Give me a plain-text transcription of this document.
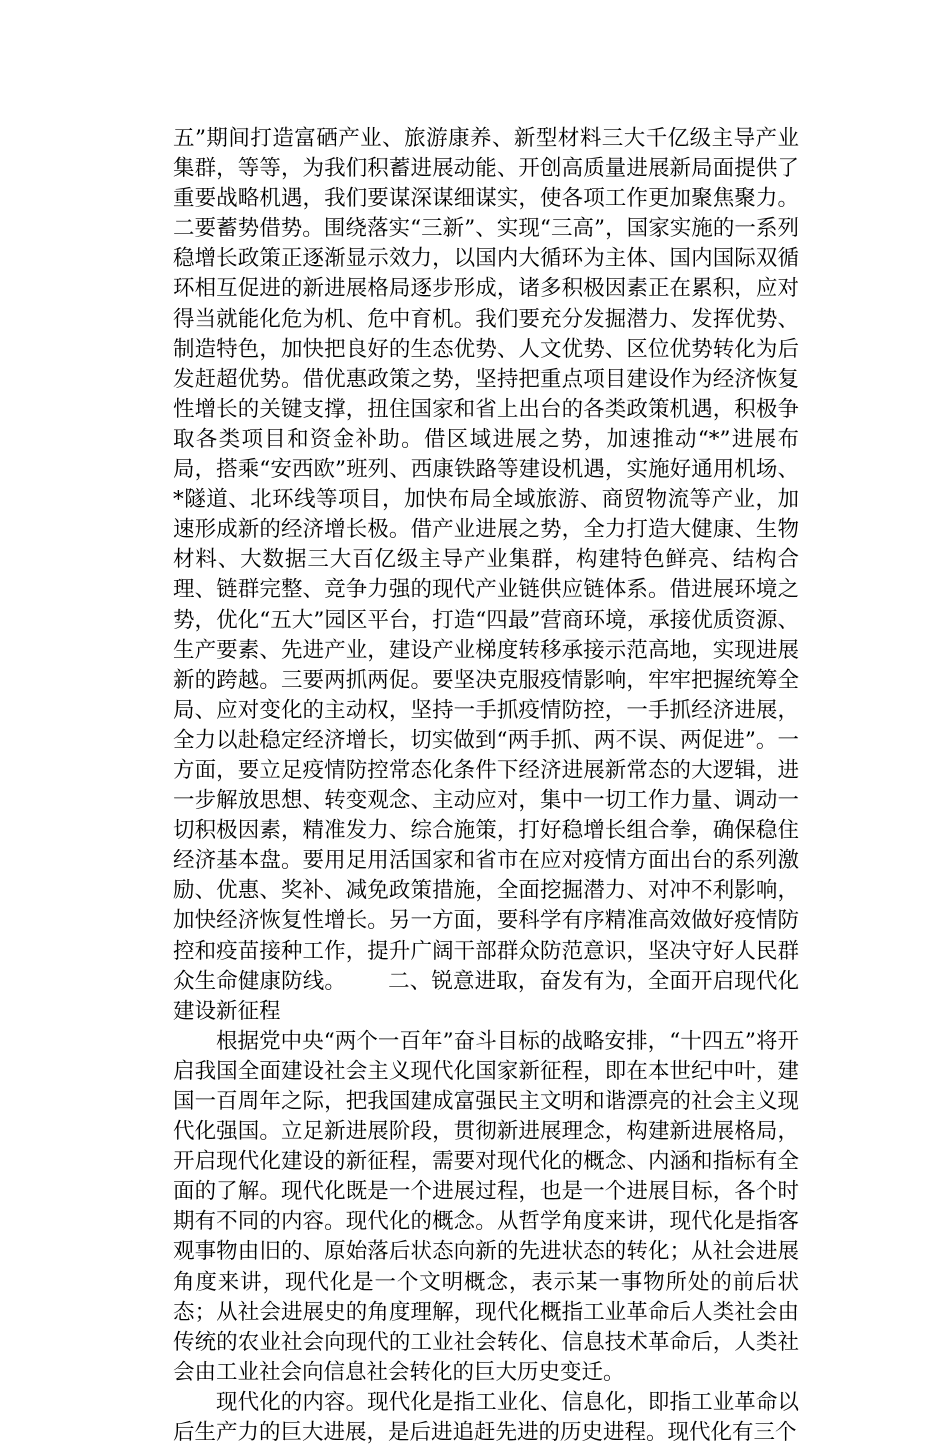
五”期间打造富硒产业、旅游康养、新型材料三大千亿级主导产业集群，等等，为我们积蓄进展动能、开创高质量进展新局面提供了重要战略机遇，我们要谋深谋细谋实，使各项工作更加聚焦聚力。二要蓄势借势。围绕落实“三新”、实现“三高”，国家实施的一系列稳增长政策正逐渐显示效力，以国内大循环为主体、国内国际双循环相互促进的新进展格局逐步形成，诸多积极因素正在累积，应对得当就能化危为机、危中育机。我们要充分发掘潜力、发挥优势、制造特色，加快把良好的生态优势、人文优势、区位优势转化为后发赶超优势。借优惠政策之势，坚持把重点项目建设作为经济恢复性增长的关键支撑，扭住国家和省上出台的各类政策机遇，积极争取各类项目和资金补助。借区域进展之势，加速推动“*”进展布局，搭乘“安西欧”班列、西康铁路等建设机遇，实施好通用机场、*隧道、北环线等项目，加快布局全域旅游、商贸物流等产业，加速形成新的经济增长极。借产业进展之势，全力打造大健康、生物材料、大数据三大百亿级主导产业集群，构建特色鲜亮、结构合理、链群完整、竞争力强的现代产业链供应链体系。借进展环境之势，优化“五大”园区平台，打造“四最”营商环境，承接优质资源、生产要素、先进产业，建设产业梯度转移承接示范高地，实现进展新的跨越。三要两抓两促。要坚决克服疫情影响，牢牢把握统筹全局、应对变化的主动权，坚持一手抓疫情防控，一手抓经济进展，全力以赴稳定经济增长，切实做到“两手抓、两不误、两促进”。一方面，要立足疫情防控常态化条件下经济进展新常态的大逻辑，进一步解放思想、转变观念、主动应对，集中一切工作力量、调动一切积极因素，精准发力、综合施策，打好稳增长组合拳，确保稳住经济基本盘。要用足用活国家和省市在应对疫情方面出台的系列激励、优惠、奖补、减免政策措施，全面挖掘潜力、对冲不利影响，加快经济恢复性增长。另一方面，要科学有序精准高效做好疫情防控和疫苗接种工作，提升广阔干部群众防范意识，坚决守好人民群众生命健康防线。 二、锐意进取，奋发有为，全面开启现代化建设新征程

根据党中央“两个一百年”奋斗目标的战略安排，“十四五”将开启我国全面建设社会主义现代化国家新征程，即在本世纪中叶，建国一百周年之际，把我国建成富强民主文明和谐漂亮的社会主义现代化强国。立足新进展阶段，贯彻新进展理念，构建新进展格局，开启现代化建设的新征程，需要对现代化的概念、内涵和指标有全面的了解。现代化既是一个进展过程，也是一个进展目标，各个时期有不同的内容。现代化的概念。从哲学角度来讲，现代化是指客观事物由旧的、原始落后状态向新的先进状态的转化；从社会进展角度来讲，现代化是一个文明概念，表示某一事物所处的前后状态；从社会进展史的角度理解，现代化概指工业革命后人类社会由传统的农业社会向现代的工业社会转化、信息技术革命后，人类社会由工业社会向信息社会转化的巨大历史变迁。

现代化的内容。现代化是指工业化、信息化，即指工业革命以后生产力的巨大进展，是后进追赶先进的历史进程。现代化有三个
